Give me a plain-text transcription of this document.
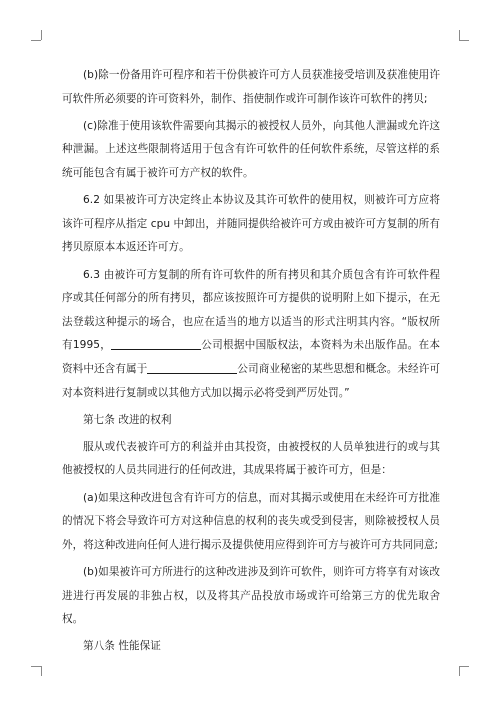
(b)除一份备用许可程序和若干份供被许可方人员获准接受培训及获准使用许可软件所必须要的许可资料外，制作、指使制作或许可制作该许可软件的拷贝;

(c)除准于使用该软件需要向其揭示的被授权人员外，向其他人泄漏或允许这种泄漏。上述这些限制将适用于包含有许可软件的任何软件系统，尽管这样的系统可能包含有属于被许可方产权的软件。

6.2 如果被许可方决定终止本协议及其许可软件的使用权，则被许可方应将该许可程序从指定 cpu 中卸出，并随同提供给被许可方或由被许可方复制的所有拷贝原原本本返还许可方。

6.3 由被许可方复制的所有许可软件的所有拷贝和其介质包含有许可软件程序或其任何部分的所有拷贝，都应该按照许可方提供的说明附上如下提示，在无法登载这种提示的场合，也应在适当的地方以适当的形式注明其内容。“版权所有1995，	公司根据中国版权法，本资料为未出版作品。在本资料中还含有属于	公司商业秘密的某些思想和概念。未经许可对本资料进行复制或以其他方式加以揭示必将受到严厉处罚。”

第七条 改进的权利

服从或代表被许可方的利益并由其投资，由被授权的人员单独进行的或与其他被授权的人员共同进行的任何改进，其成果将属于被许可方，但是：

(a)如果这种改进包含有许可方的信息，而对其揭示或使用在未经许可方批准的情况下将会导致许可方对这种信息的权利的丧失或受到侵害，则除被授权人员外，将这种改进向任何人进行揭示及提供使用应得到许可方与被许可方共同同意;

(b)如果被许可方所进行的这种改进涉及到许可软件，则许可方将享有对该改进进行再发展的非独占权，以及将其产品投放市场或许可给第三方的优先取舍权。

第八条 性能保证
